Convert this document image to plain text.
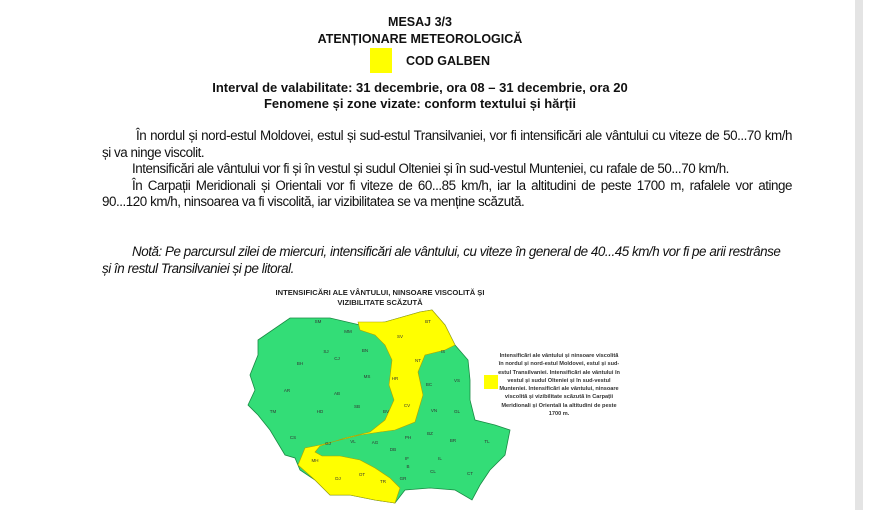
MESAJ 3/3
ATENȚIONARE METEOROLOGICĂ
COD GALBEN
Interval de valabilitate: 31 decembrie, ora 08 – 31 decembrie, ora 20
Fenomene și zone vizate: conform textului și hărții

În nordul și nord-estul Moldovei, estul și sud-estul Transilvaniei, vor fi intensificări ale vântului cu viteze de 50...70 km/h și va ninge viscolit.

Intensificări ale vântului vor fi și în vestul și sudul Olteniei și în sud-vestul Munteniei, cu rafale de 50...70 km/h.

În Carpații Meridionali și Orientali vor fi viteze de 60...85 km/h, iar la altitudini de peste 1700 m, rafalele vor atinge 90...120 km/h, ninsoarea va fi viscolită, iar vizibilitatea se va menține scăzută.

Notă: Pe parcursul zilei de miercuri, intensificări ale vântului, cu viteze în general de 40...45 km/h vor fi pe arii restrânse și în restul Transilvaniei și pe litoral.
INTENSIFICĂRI ALE VÂNTULUI, NINSOARE VISCOLITĂ ȘI VIZIBILITATE SCĂZUTĂ
SM
MM
BT
SV
BN
SJ
BH
CJ	NT
IS
MS	HR
BC
VS
AR
AB
CV
SB
BV	VN	GL
TM	HD
CS
GJ	VL	AG
PH
BZ
BR	TL
DB
MH	IF	IL
B
DJ
OT
TR
GR
CL	CT
Intensificări ale vântului și ninsoare viscolită în nordul și nord-estul Moldovei, estul și sud-estul Transilvaniei. Intensificări ale vântului în vestul și sudul Olteniei și în sud-vestul Munteniei. Intensificări ale vântului, ninsoare viscolită și vizibilitate scăzută în Carpații Meridionali și Orientali la altitudini de peste 1700 m.
